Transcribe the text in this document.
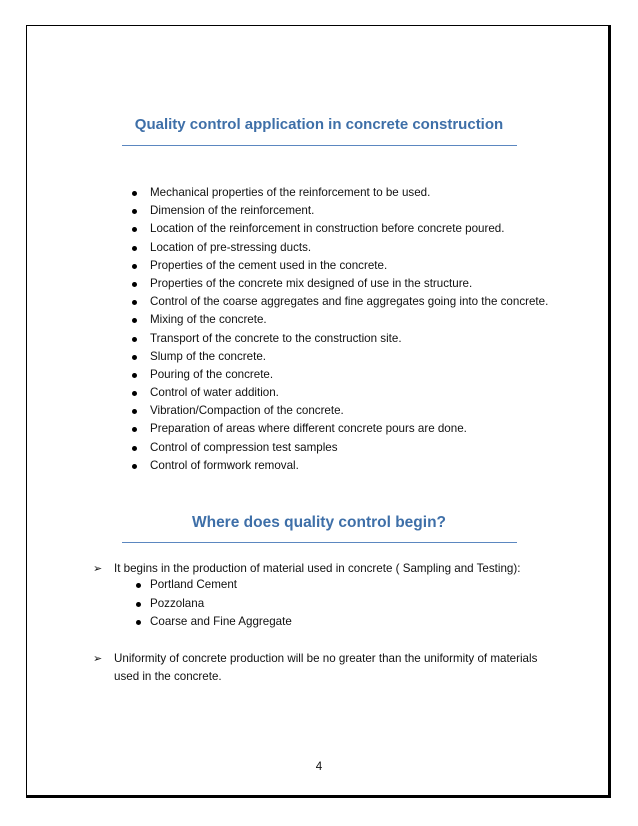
Quality control application in concrete construction
Mechanical properties of the reinforcement to be used.
Dimension of the reinforcement.
Location of the reinforcement in construction before concrete poured.
Location of pre-stressing ducts.
Properties of the cement used in the concrete.
Properties of the concrete mix designed of use in the structure.
Control of the coarse aggregates and fine aggregates going into the concrete.
Mixing of the concrete.
Transport of the concrete to the construction site.
Slump of the concrete.
Pouring of the concrete.
Control of water addition.
Vibration/Compaction of the concrete.
Preparation of areas where different concrete pours are done.
Control of compression test samples
Control of formwork removal.
Where does quality control begin?
➢	It begins in the production of material used in concrete ( Sampling and Testing):
Portland Cement
Pozzolana
Coarse and Fine Aggregate
➢	Uniformity of concrete production will be no greater than the uniformity of materials used in the concrete.
4
